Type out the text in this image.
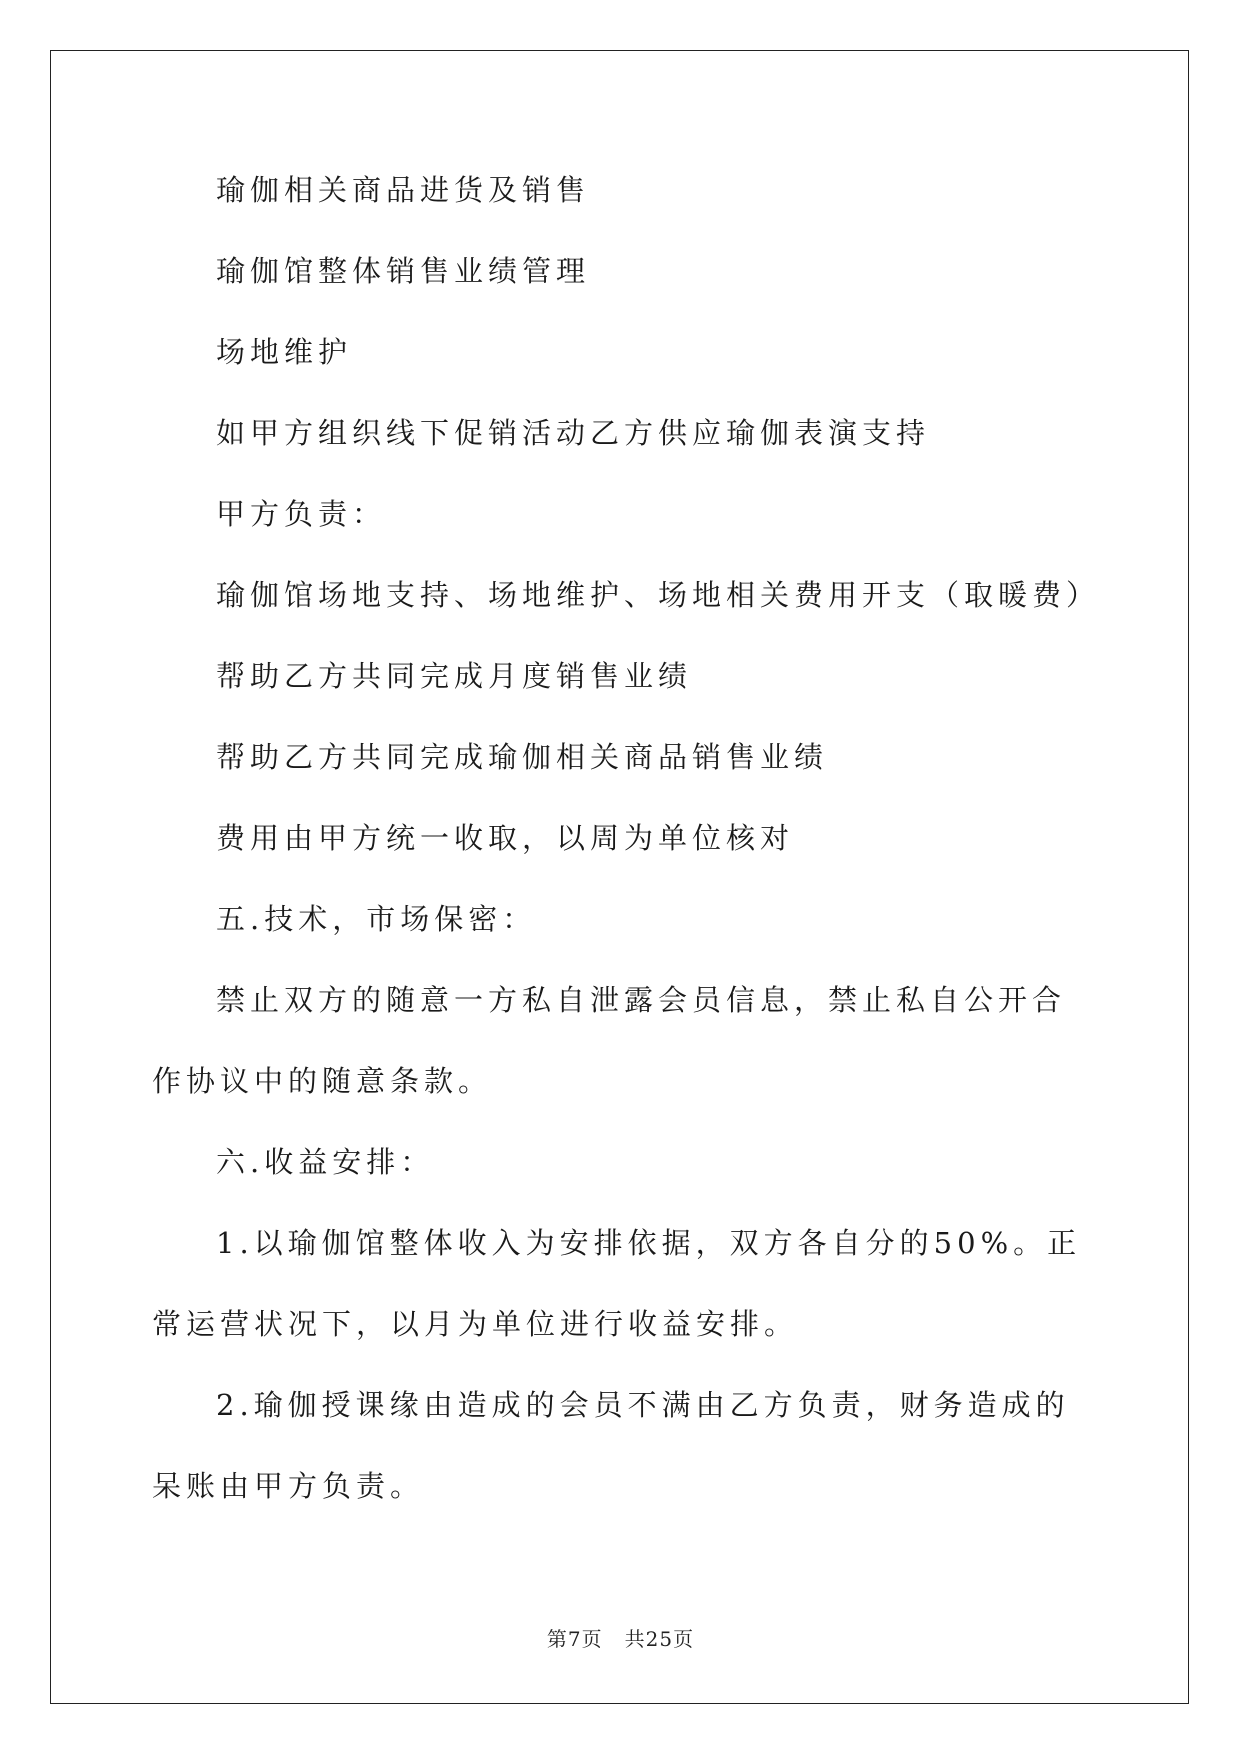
瑜伽相关商品进货及销售

瑜伽馆整体销售业绩管理

场地维护

如甲方组织线下促销活动乙方供应瑜伽表演支持

甲方负责：

瑜伽馆场地支持、场地维护、场地相关费用开支（取暖费）

帮助乙方共同完成月度销售业绩

帮助乙方共同完成瑜伽相关商品销售业绩

费用由甲方统一收取，以周为单位核对

五.技术，市场保密：

禁止双方的随意一方私自泄露会员信息，禁止私自公开合作协议中的随意条款。

六.收益安排：

1.以瑜伽馆整体收入为安排依据，双方各自分的50%。正常运营状况下，以月为单位进行收益安排。

2.瑜伽授课缘由造成的会员不满由乙方负责，财务造成的呆账由甲方负责。

第7页 共25页
